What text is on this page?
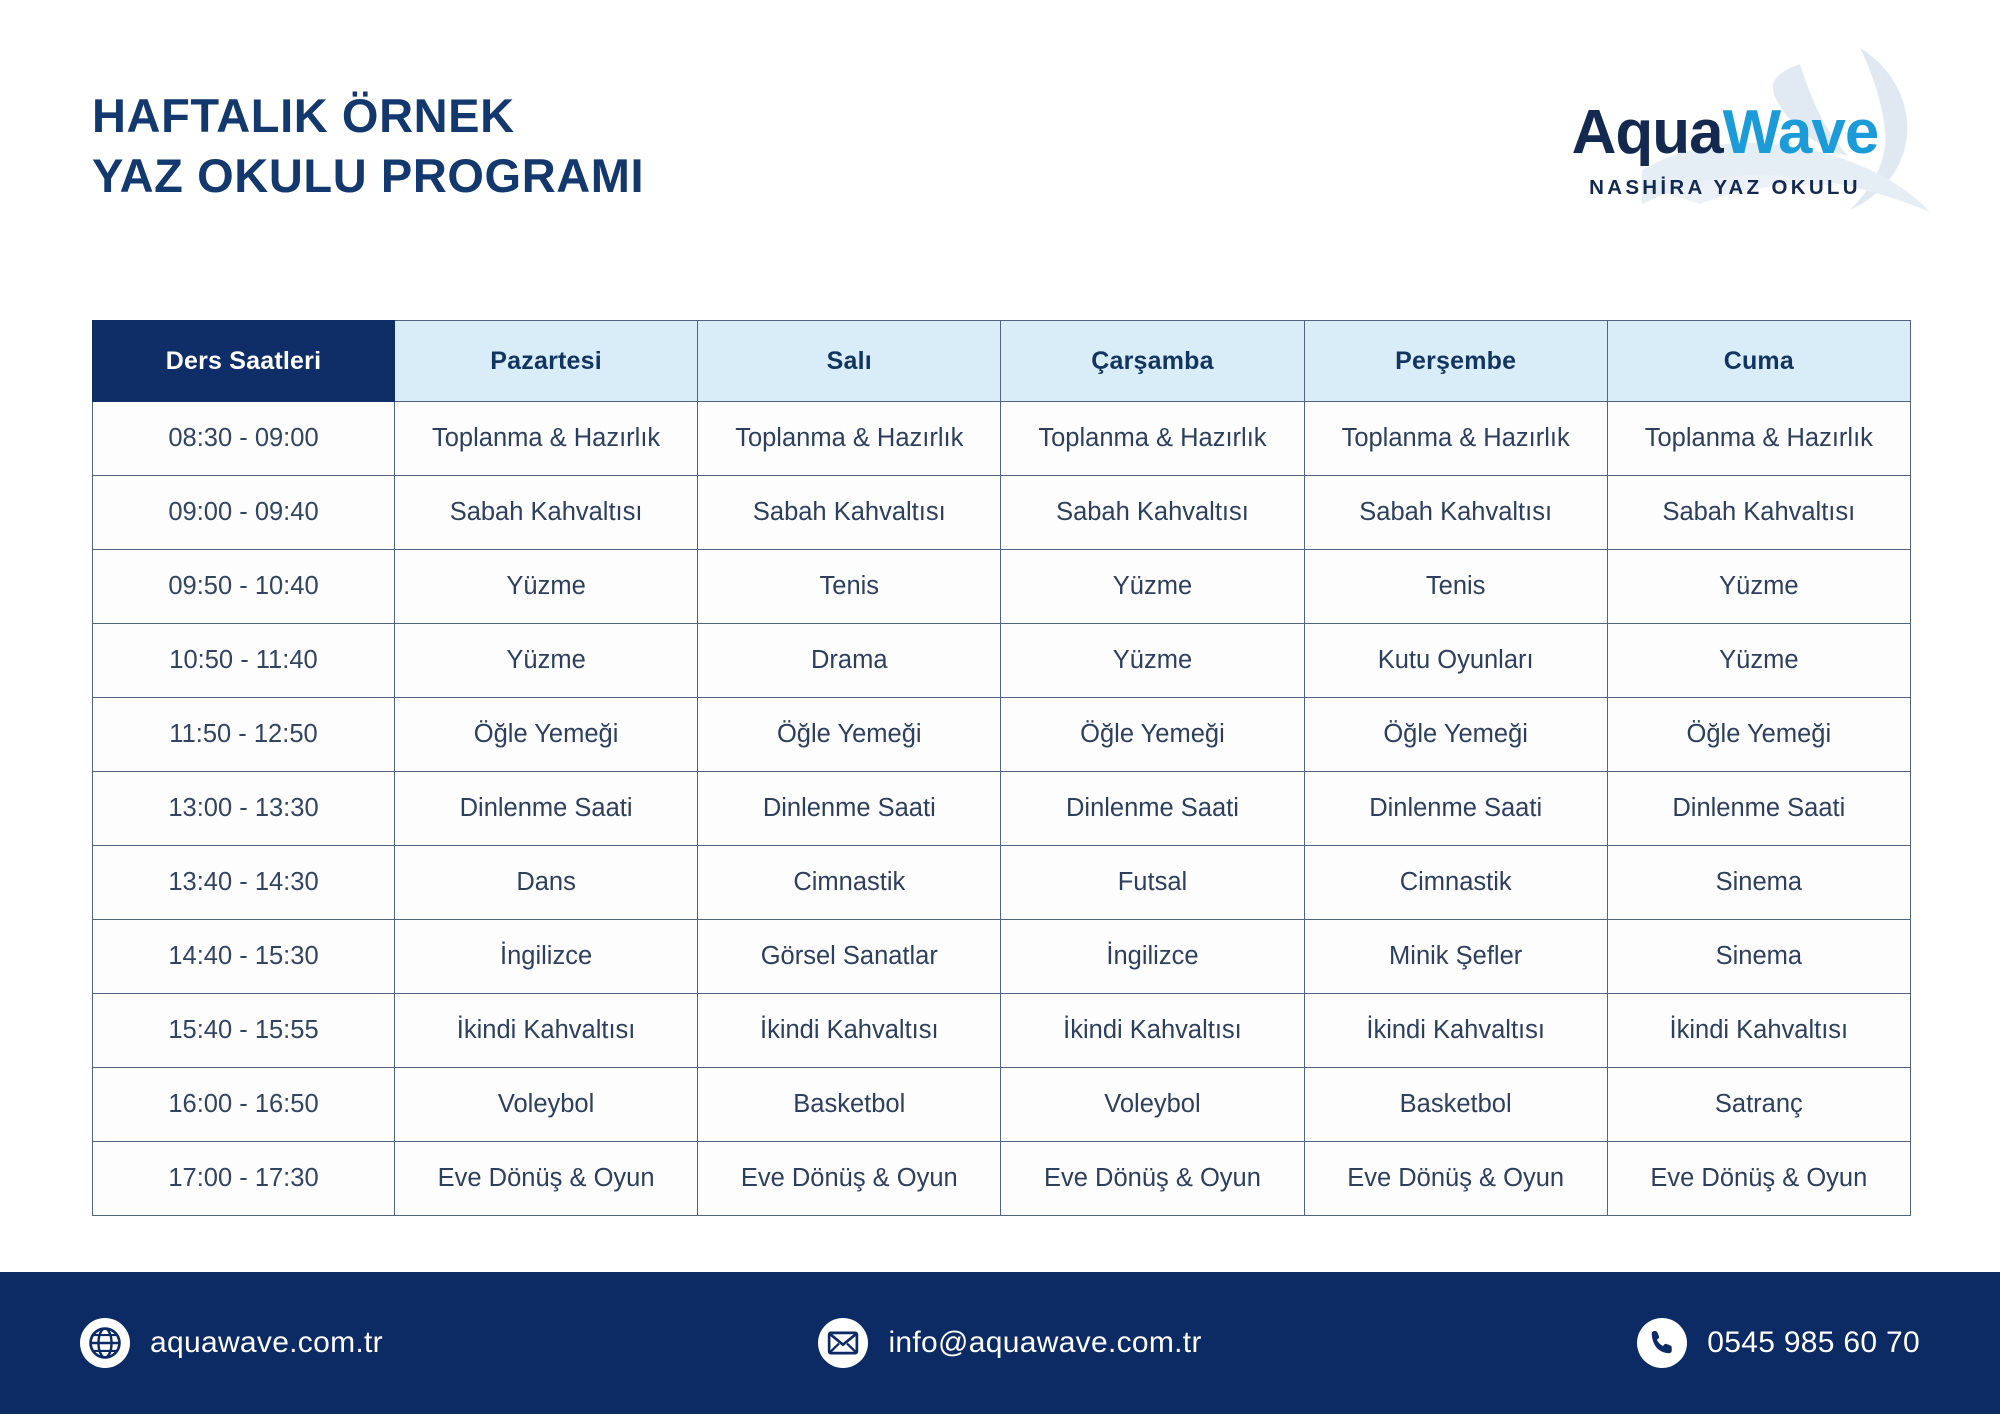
HAFTALIK ÖRNEK
YAZ OKULU PROGRAMI
AquaWave
NASHİRA YAZ OKULU
Ders Saatleri	Pazartesi	Salı	Çarşamba	Perşembe	Cuma
08:30 - 09:00	Toplanma & Hazırlık	Toplanma & Hazırlık	Toplanma & Hazırlık	Toplanma & Hazırlık	Toplanma & Hazırlık
09:00 - 09:40	Sabah Kahvaltısı	Sabah Kahvaltısı	Sabah Kahvaltısı	Sabah Kahvaltısı	Sabah Kahvaltısı
09:50 - 10:40	Yüzme	Tenis	Yüzme	Tenis	Yüzme
10:50 - 11:40	Yüzme	Drama	Yüzme	Kutu Oyunları	Yüzme
11:50 - 12:50	Öğle Yemeği	Öğle Yemeği	Öğle Yemeği	Öğle Yemeği	Öğle Yemeği
13:00 - 13:30	Dinlenme Saati	Dinlenme Saati	Dinlenme Saati	Dinlenme Saati	Dinlenme Saati
13:40 - 14:30	Dans	Cimnastik	Futsal	Cimnastik	Sinema
14:40 - 15:30	İngilizce	Görsel Sanatlar	İngilizce	Minik Şefler	Sinema
15:40 - 15:55	İkindi Kahvaltısı	İkindi Kahvaltısı	İkindi Kahvaltısı	İkindi Kahvaltısı	İkindi Kahvaltısı
16:00 - 16:50	Voleybol	Basketbol	Voleybol	Basketbol	Satranç
17:00 - 17:30	Eve Dönüş & Oyun	Eve Dönüş & Oyun	Eve Dönüş & Oyun	Eve Dönüş & Oyun	Eve Dönüş & Oyun
aquawave.com.tr	info@aquawave.com.tr	0545 985 60 70
